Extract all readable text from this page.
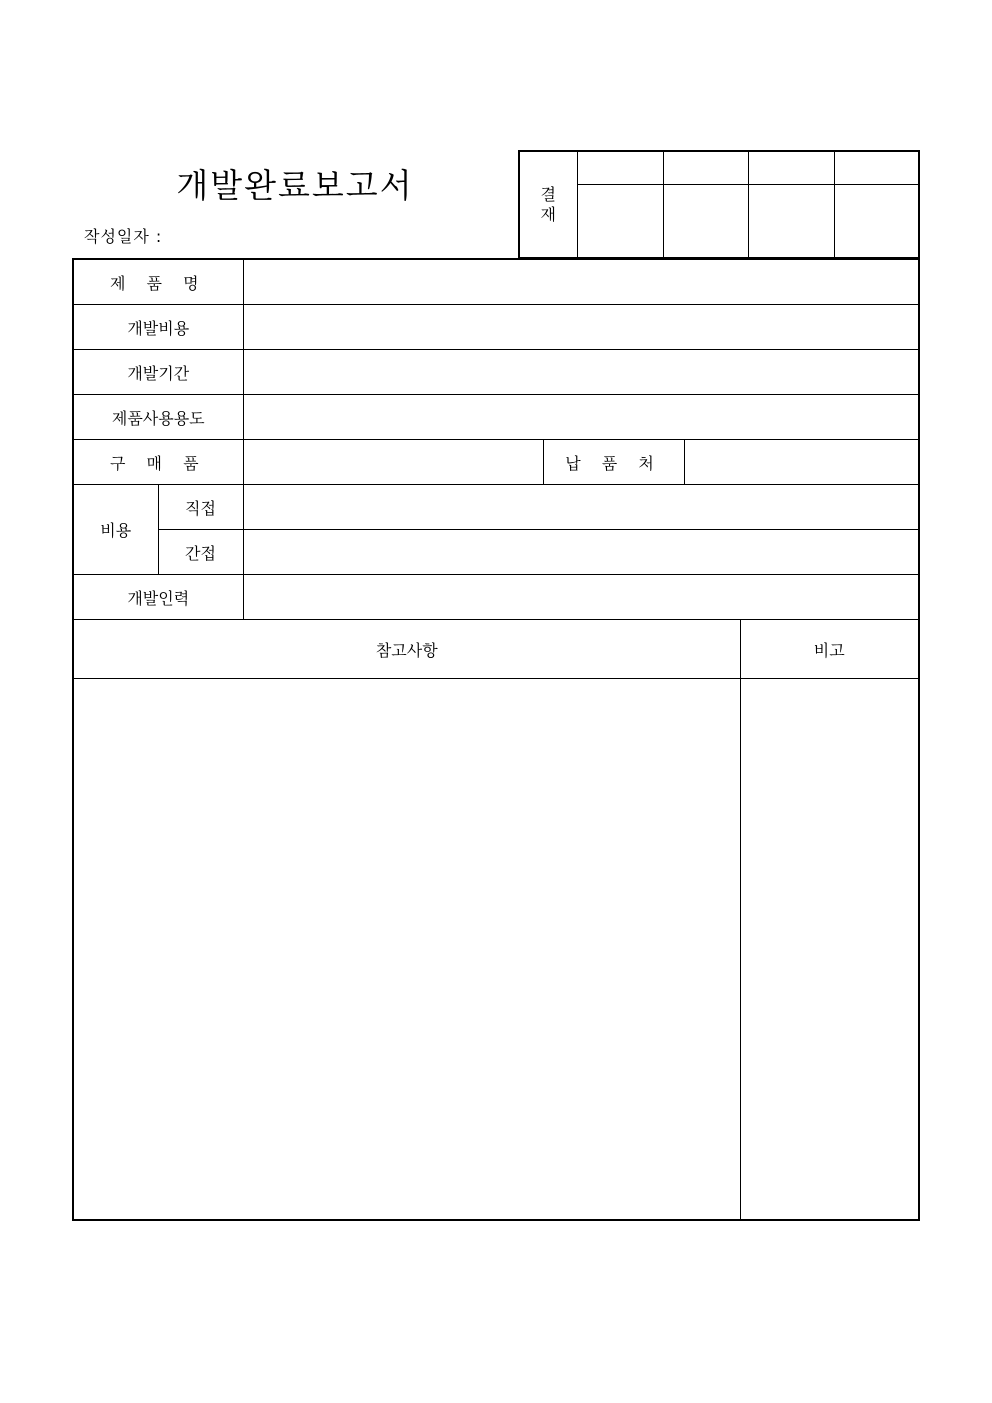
개발완료보고서
작성일자 :
결재				

제 품 명					
개발비용					
개발기간					
제품사용용도					
구 매 품			납 품 처		
비용	직접				
	간접				
개발인력					
참고사항					비고
